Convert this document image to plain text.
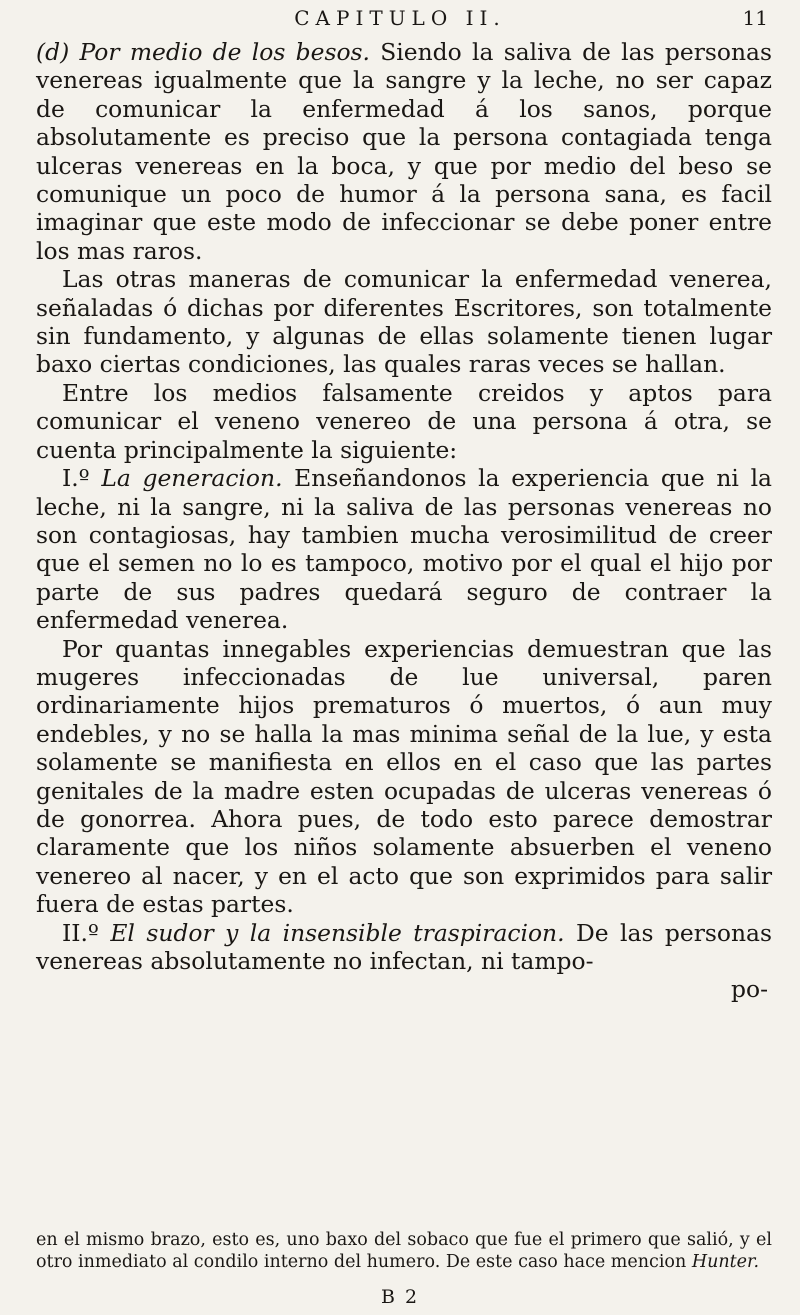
CAPITULO II.	11

(d) Por medio de los besos. Siendo la saliva de las personas venereas igualmente que la sangre y la leche, no ser capaz de comunicar la enfermedad á los sanos, porque absolutamente es preciso que la persona contagiada tenga ulceras venereas en la boca, y que por medio del beso se comunique un poco de humor á la persona sana, es facil imaginar que este modo de infeccionar se debe poner entre los mas raros.

Las otras maneras de comunicar la enfermedad venerea, señaladas ó dichas por diferentes Escritores, son totalmente sin fundamento, y algunas de ellas solamente tienen lugar baxo ciertas condiciones, las quales raras veces se hallan.

Entre los medios falsamente creidos y aptos para comunicar el veneno venereo de una persona á otra, se cuenta principalmente la siguiente:

I.º La generacion. Enseñandonos la experiencia que ni la leche, ni la sangre, ni la saliva de las personas venereas no son contagiosas, hay tambien mucha verosimilitud de creer que el semen no lo es tampoco, motivo por el qual el hijo por parte de sus padres quedará seguro de contraer la enfermedad venerea.

Por quantas innegables experiencias demuestran que las mugeres infeccionadas de lue universal, paren ordinariamente hijos prematuros ó muertos, ó aun muy endebles, y no se halla la mas minima señal de la lue, y esta solamente se manifiesta en ellos en el caso que las partes genitales de la madre esten ocupadas de ulceras venereas ó de gonorrea. Ahora pues, de todo esto parece demostrar claramente que los niños solamente absuerben el veneno venereo al nacer, y en el acto que son exprimidos para salir fuera de estas partes.

II.º El sudor y la insensible traspiracion. De las personas venereas absolutamente no infectan, ni tampo-

po-

en el mismo brazo, esto es, uno baxo del sobaco que fue el primero que salió, y el otro inmediato al condilo interno del humero. De este caso hace mencion Hunter.

B 2
